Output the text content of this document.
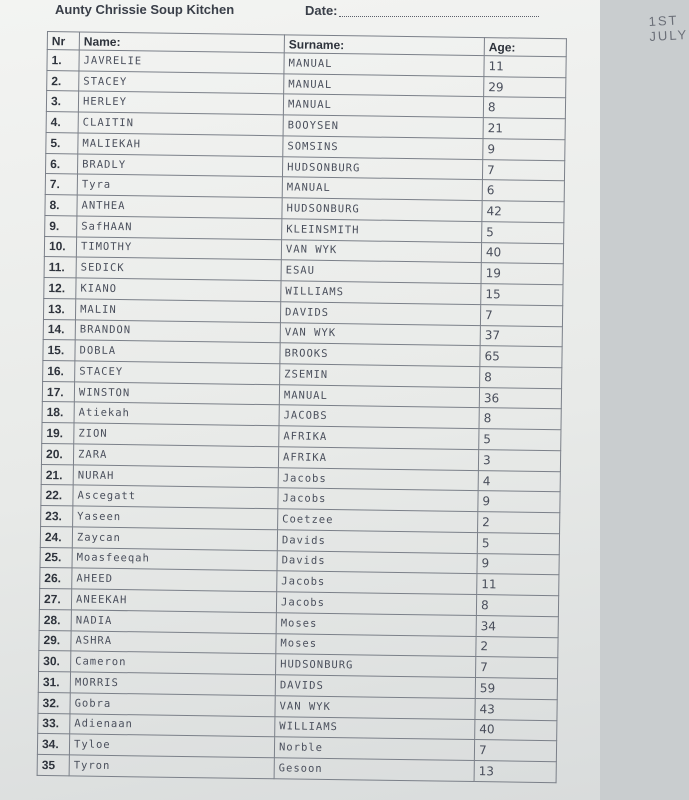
Aunty Chrissie Soup Kitchen	Date:
1ST JULY
Nr	Name:	Surname:	Age:
1.	JAVRELIE	MANUAL	11
2.	STACEY	MANUAL	29
3.	HERLEY	MANUAL	8
4.	CLAITIN	BOOYSEN	21
5.	MALIEKAH	SOMSINS	9
6.	BRADLY	HUDSONBURG	7
7.	Tyra	MANUAL	6
8.	ANTHEA	HUDSONBURG	42
9.	SafHAAN	KLEINSMITH	5
10.	TIMOTHY	VAN WYK	40
11.	SEDICK	ESAU	19
12.	KIANO	WILLIAMS	15
13.	MALIN	DAVIDS	7
14.	BRANDON	VAN WYK	37
15.	DOBLA	BROOKS	65
16.	STACEY	ZSEMIN	8
17.	WINSTON	MANUAL	36
18.	Atiekah	JACOBS	8
19.	ZION	AFRIKA	5
20.	ZARA	AFRIKA	3
21.	NURAH	Jacobs	4
22.	Ascegatt	Jacobs	9
23.	Yaseen	Coetzee	2
24.	Zaycan	Davids	5
25.	Moasfeeqah	Davids	9
26.	AHEED	Jacobs	11
27.	ANEEKAH	Jacobs	8
28.	NADIA	Moses	34
29.	ASHRA	Moses	2
30.	Cameron	HUDSONBURG	7
31.	MORRIS	DAVIDS	59
32.	Gobra	VAN WYK	43
33.	Adienaan	WILLIAMS	40
34.	Tyloe	Norble	7
35	Tyron	Gesoon	13
